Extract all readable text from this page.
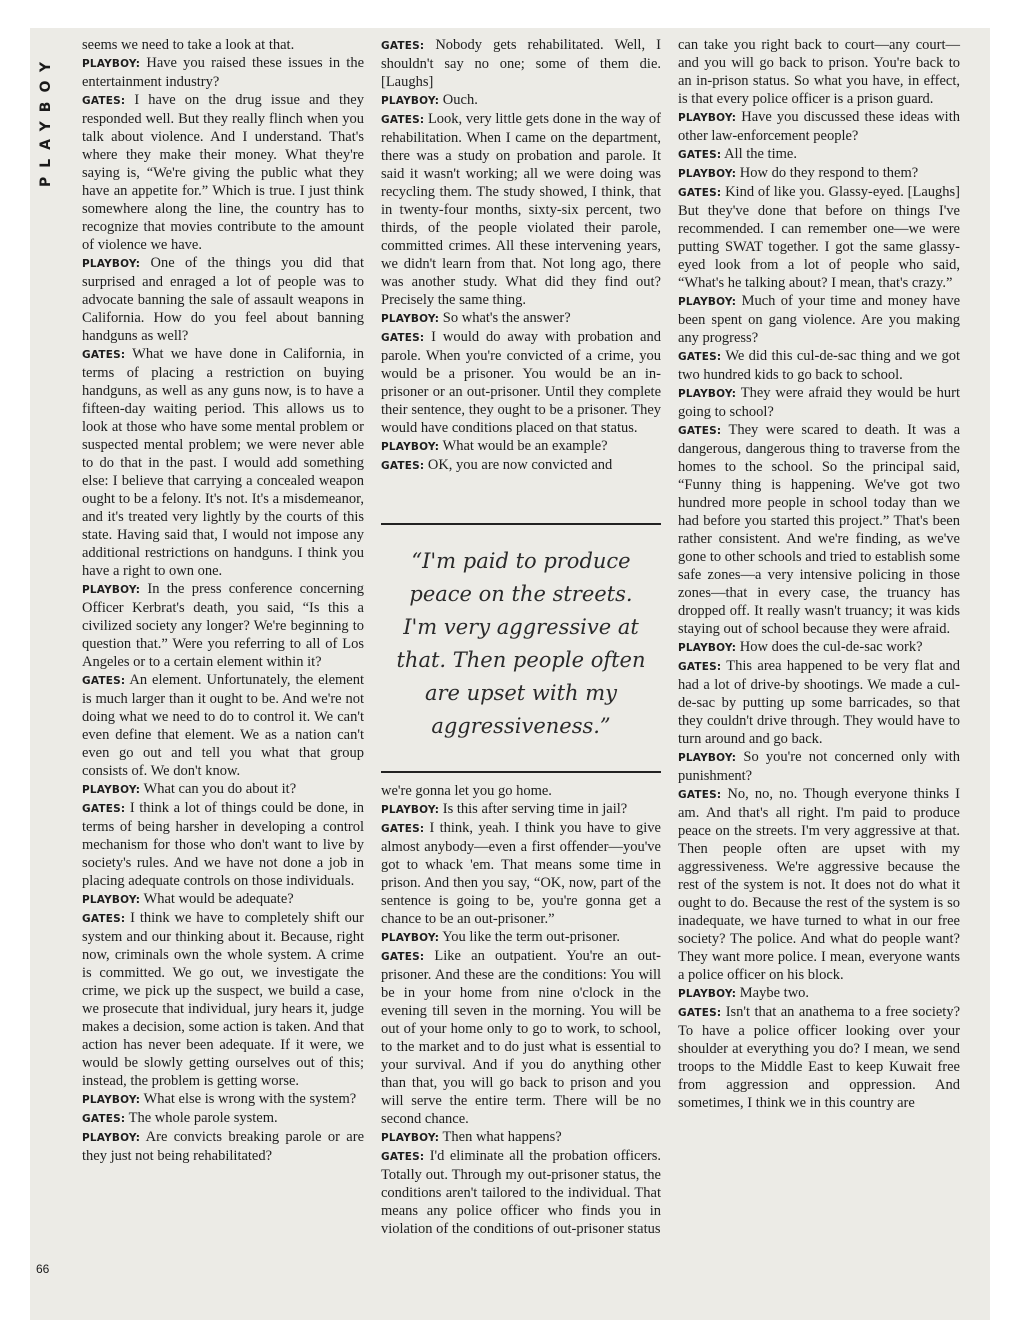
PLAYBOY
66

seems we need to take a look at that.

PLAYBOY: Have you raised these issues in the entertainment industry?

GATES: I have on the drug issue and they responded well. But they really flinch when you talk about violence. And I understand. That's where they make their money. What they're saying is, “We're giving the public what they have an appetite for.” Which is true. I just think somewhere along the line, the country has to recognize that movies contribute to the amount of violence we have.

PLAYBOY: One of the things you did that surprised and enraged a lot of people was to advocate banning the sale of assault weapons in California. How do you feel about banning handguns as well?

GATES: What we have done in California, in terms of placing a restriction on buying handguns, as well as any guns now, is to have a fifteen-day waiting period. This allows us to look at those who have some mental problem or suspected mental problem; we were never able to do that in the past. I would add something else: I believe that carrying a concealed weapon ought to be a felony. It's not. It's a misdemeanor, and it's treated very lightly by the courts of this state. Having said that, I would not impose any additional restrictions on handguns. I think you have a right to own one.

PLAYBOY: In the press conference concerning Officer Kerbrat's death, you said, “Is this a civilized society any longer? We're beginning to question that.” Were you referring to all of Los Angeles or to a certain element within it?

GATES: An element. Unfortunately, the element is much larger than it ought to be. And we're not doing what we need to do to control it. We can't even define that element. We as a nation can't even go out and tell you what that group consists of. We don't know.

PLAYBOY: What can you do about it?

GATES: I think a lot of things could be done, in terms of being harsher in developing a control mechanism for those who don't want to live by society's rules. And we have not done a job in placing adequate controls on those individuals.

PLAYBOY: What would be adequate?

GATES: I think we have to completely shift our system and our thinking about it. Because, right now, criminals own the whole system. A crime is committed. We go out, we investigate the crime, we pick up the suspect, we build a case, we prosecute that individual, jury hears it, judge makes a decision, some action is taken. And that action has never been adequate. If it were, we would be slowly getting ourselves out of this; instead, the problem is getting worse.

PLAYBOY: What else is wrong with the system?

GATES: The whole parole system.

PLAYBOY: Are convicts breaking parole or are they just not being rehabilitated?

GATES: Nobody gets rehabilitated. Well, I shouldn't say no one; some of them die. [Laughs]

PLAYBOY: Ouch.

GATES: Look, very little gets done in the way of rehabilitation. When I came on the department, there was a study on probation and parole. It said it wasn't working; all we were doing was recycling them. The study showed, I think, that in twenty-four months, sixty-six percent, two thirds, of the people violated their parole, committed crimes. All these intervening years, we didn't learn from that. Not long ago, there was another study. What did they find out? Precisely the same thing.

PLAYBOY: So what's the answer?

GATES: I would do away with probation and parole. When you're convicted of a crime, you would be a prisoner. You would be an in-prisoner or an out-prisoner. Until they complete their sentence, they ought to be a prisoner. They would have conditions placed on that status.

PLAYBOY: What would be an example?

GATES: OK, you are now convicted and

“I'm paid to produce peace on the streets. I'm very aggressive at that. Then people often are upset with my aggressiveness.”

we're gonna let you go home.

PLAYBOY: Is this after serving time in jail?

GATES: I think, yeah. I think you have to give almost anybody—even a first offender—you've got to whack 'em. That means some time in prison. And then you say, “OK, now, part of the sentence is going to be, you're gonna get a chance to be an out-prisoner.”

PLAYBOY: You like the term out-prisoner.

GATES: Like an outpatient. You're an out-prisoner. And these are the conditions: You will be in your home from nine o'clock in the evening till seven in the morning. You will be out of your home only to go to work, to school, to the market and to do just what is essential to your survival. And if you do anything other than that, you will go back to prison and you will serve the entire term. There will be no second chance.

PLAYBOY: Then what happens?

GATES: I'd eliminate all the probation officers. Totally out. Through my out-prisoner status, the conditions aren't tailored to the individual. That means any police officer who finds you in violation of the conditions of out-prisoner status

can take you right back to court—any court—and you will go back to prison. You're back to an in-prison status. So what you have, in effect, is that every police officer is a prison guard.

PLAYBOY: Have you discussed these ideas with other law-enforcement people?

GATES: All the time.

PLAYBOY: How do they respond to them?

GATES: Kind of like you. Glassy-eyed. [Laughs] But they've done that before on things I've recommended. I can remember one—we were putting SWAT together. I got the same glassy-eyed look from a lot of people who said, “What's he talking about? I mean, that's crazy.”

PLAYBOY: Much of your time and money have been spent on gang violence. Are you making any progress?

GATES: We did this cul-de-sac thing and we got two hundred kids to go back to school.

PLAYBOY: They were afraid they would be hurt going to school?

GATES: They were scared to death. It was a dangerous, dangerous thing to traverse from the homes to the school. So the principal said, “Funny thing is happening. We've got two hundred more people in school today than we had before you started this project.” That's been rather consistent. And we're finding, as we've gone to other schools and tried to establish some safe zones—a very intensive policing in those zones—that in every case, the truancy has dropped off. It really wasn't truancy; it was kids staying out of school because they were afraid.

PLAYBOY: How does the cul-de-sac work?

GATES: This area happened to be very flat and had a lot of drive-by shootings. We made a cul-de-sac by putting up some barricades, so that they couldn't drive through. They would have to turn around and go back.

PLAYBOY: So you're not concerned only with punishment?

GATES: No, no, no. Though everyone thinks I am. And that's all right. I'm paid to produce peace on the streets. I'm very aggressive at that. Then people often are upset with my aggressiveness. We're aggressive because the rest of the system is not. It does not do what it ought to do. Because the rest of the system is so inadequate, we have turned to what in our free society? The police. And what do people want? They want more police. I mean, everyone wants a police officer on his block.

PLAYBOY: Maybe two.

GATES: Isn't that an anathema to a free society? To have a police officer looking over your shoulder at everything you do? I mean, we send troops to the Middle East to keep Kuwait free from aggression and oppression. And sometimes, I think we in this country are
